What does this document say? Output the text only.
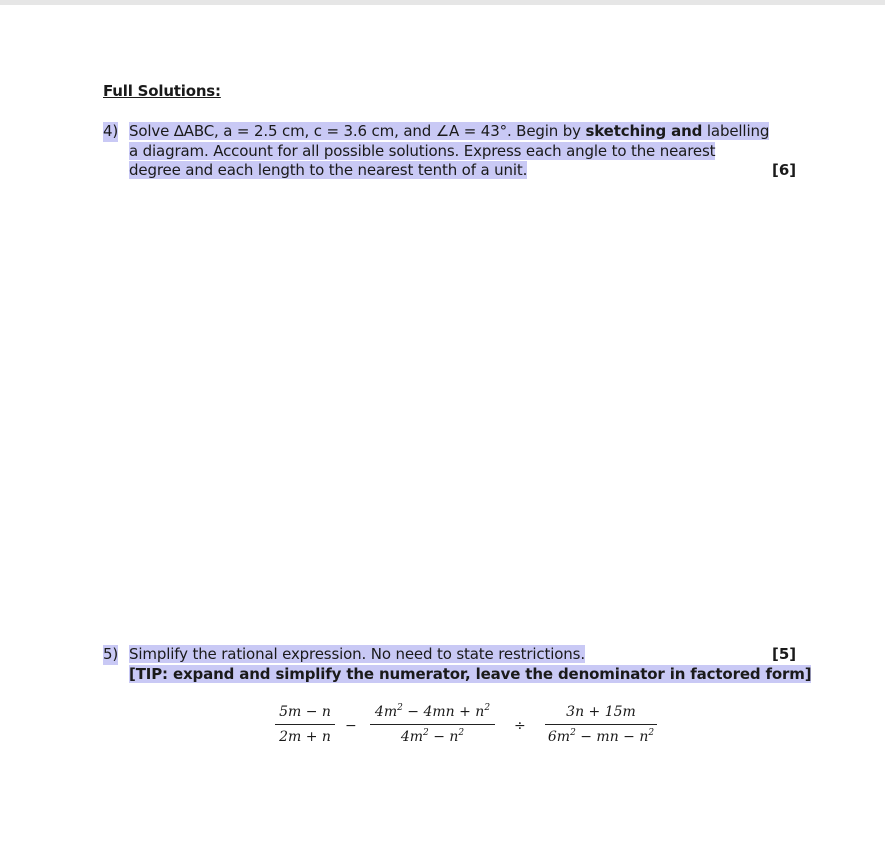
Full Solutions:
4) Solve ∆ABC, a = 2.5 cm, c = 3.6 cm, and ∠A = 43°. Begin by sketching and labelling
a diagram. Account for all possible solutions. Express each angle to the nearest
degree and each length to the nearest tenth of a unit.	[6]
5) Simplify the rational expression. No need to state restrictions.
[TIP: expand and simplify the numerator, leave the denominator in factored form]
[5]
5m − n
2m + n
−
$4m^2 - 4mn + n^2$
$4m^2 - n^2$	÷
3n + 15m
$6m^2$ − mn − $n^2$
